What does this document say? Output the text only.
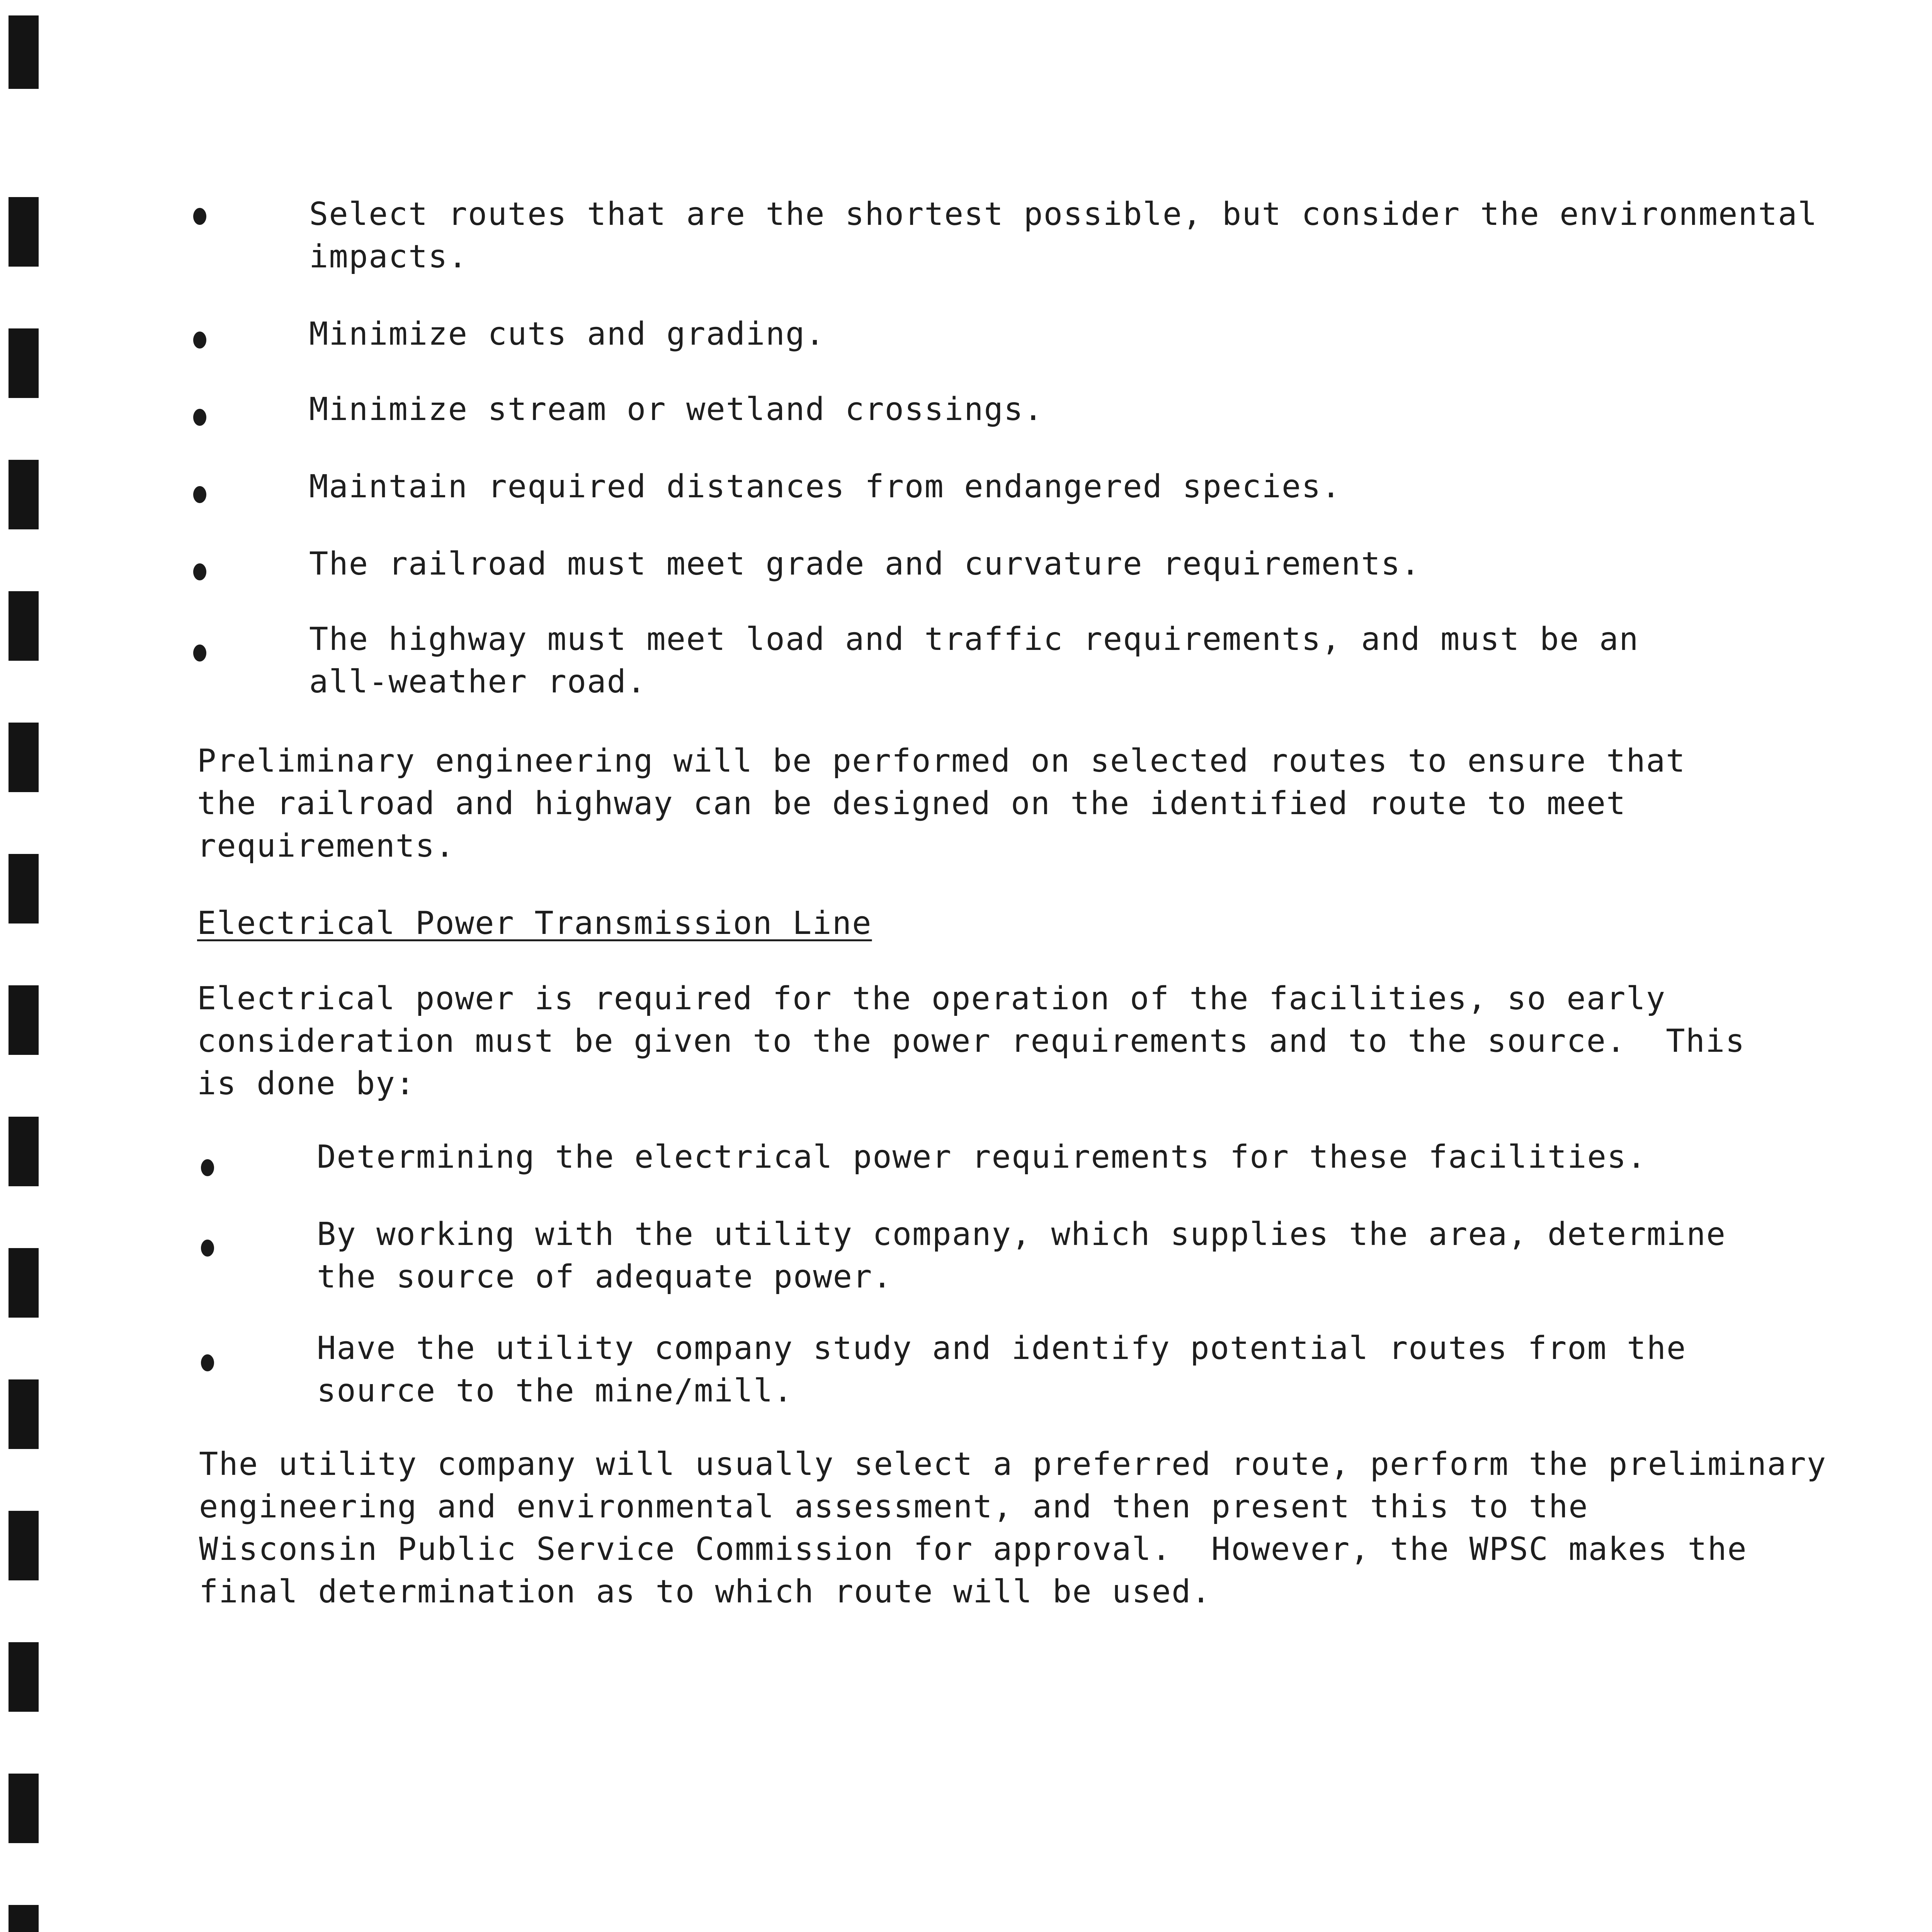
Select routes that are the shortest possible, but consider the environmental
impacts.

Minimize cuts and grading.

Minimize stream or wetland crossings.

Maintain required distances from endangered species.

The railroad must meet grade and curvature requirements.

The highway must meet load and traffic requirements, and must be an
all-weather road.

Preliminary engineering will be performed on selected routes to ensure that
the railroad and highway can be designed on the identified route to meet
requirements.

Electrical Power Transmission Line

Electrical power is required for the operation of the facilities, so early
consideration must be given to the power requirements and to the source.  This
is done by:

Determining the electrical power requirements for these facilities.

By working with the utility company, which supplies the area, determine
the source of adequate power.

Have the utility company study and identify potential routes from the
source to the mine/mill.

The utility company will usually select a preferred route, perform the preliminary
engineering and environmental assessment, and then present this to the
Wisconsin Public Service Commission for approval.  However, the WPSC makes the
final determination as to which route will be used.
